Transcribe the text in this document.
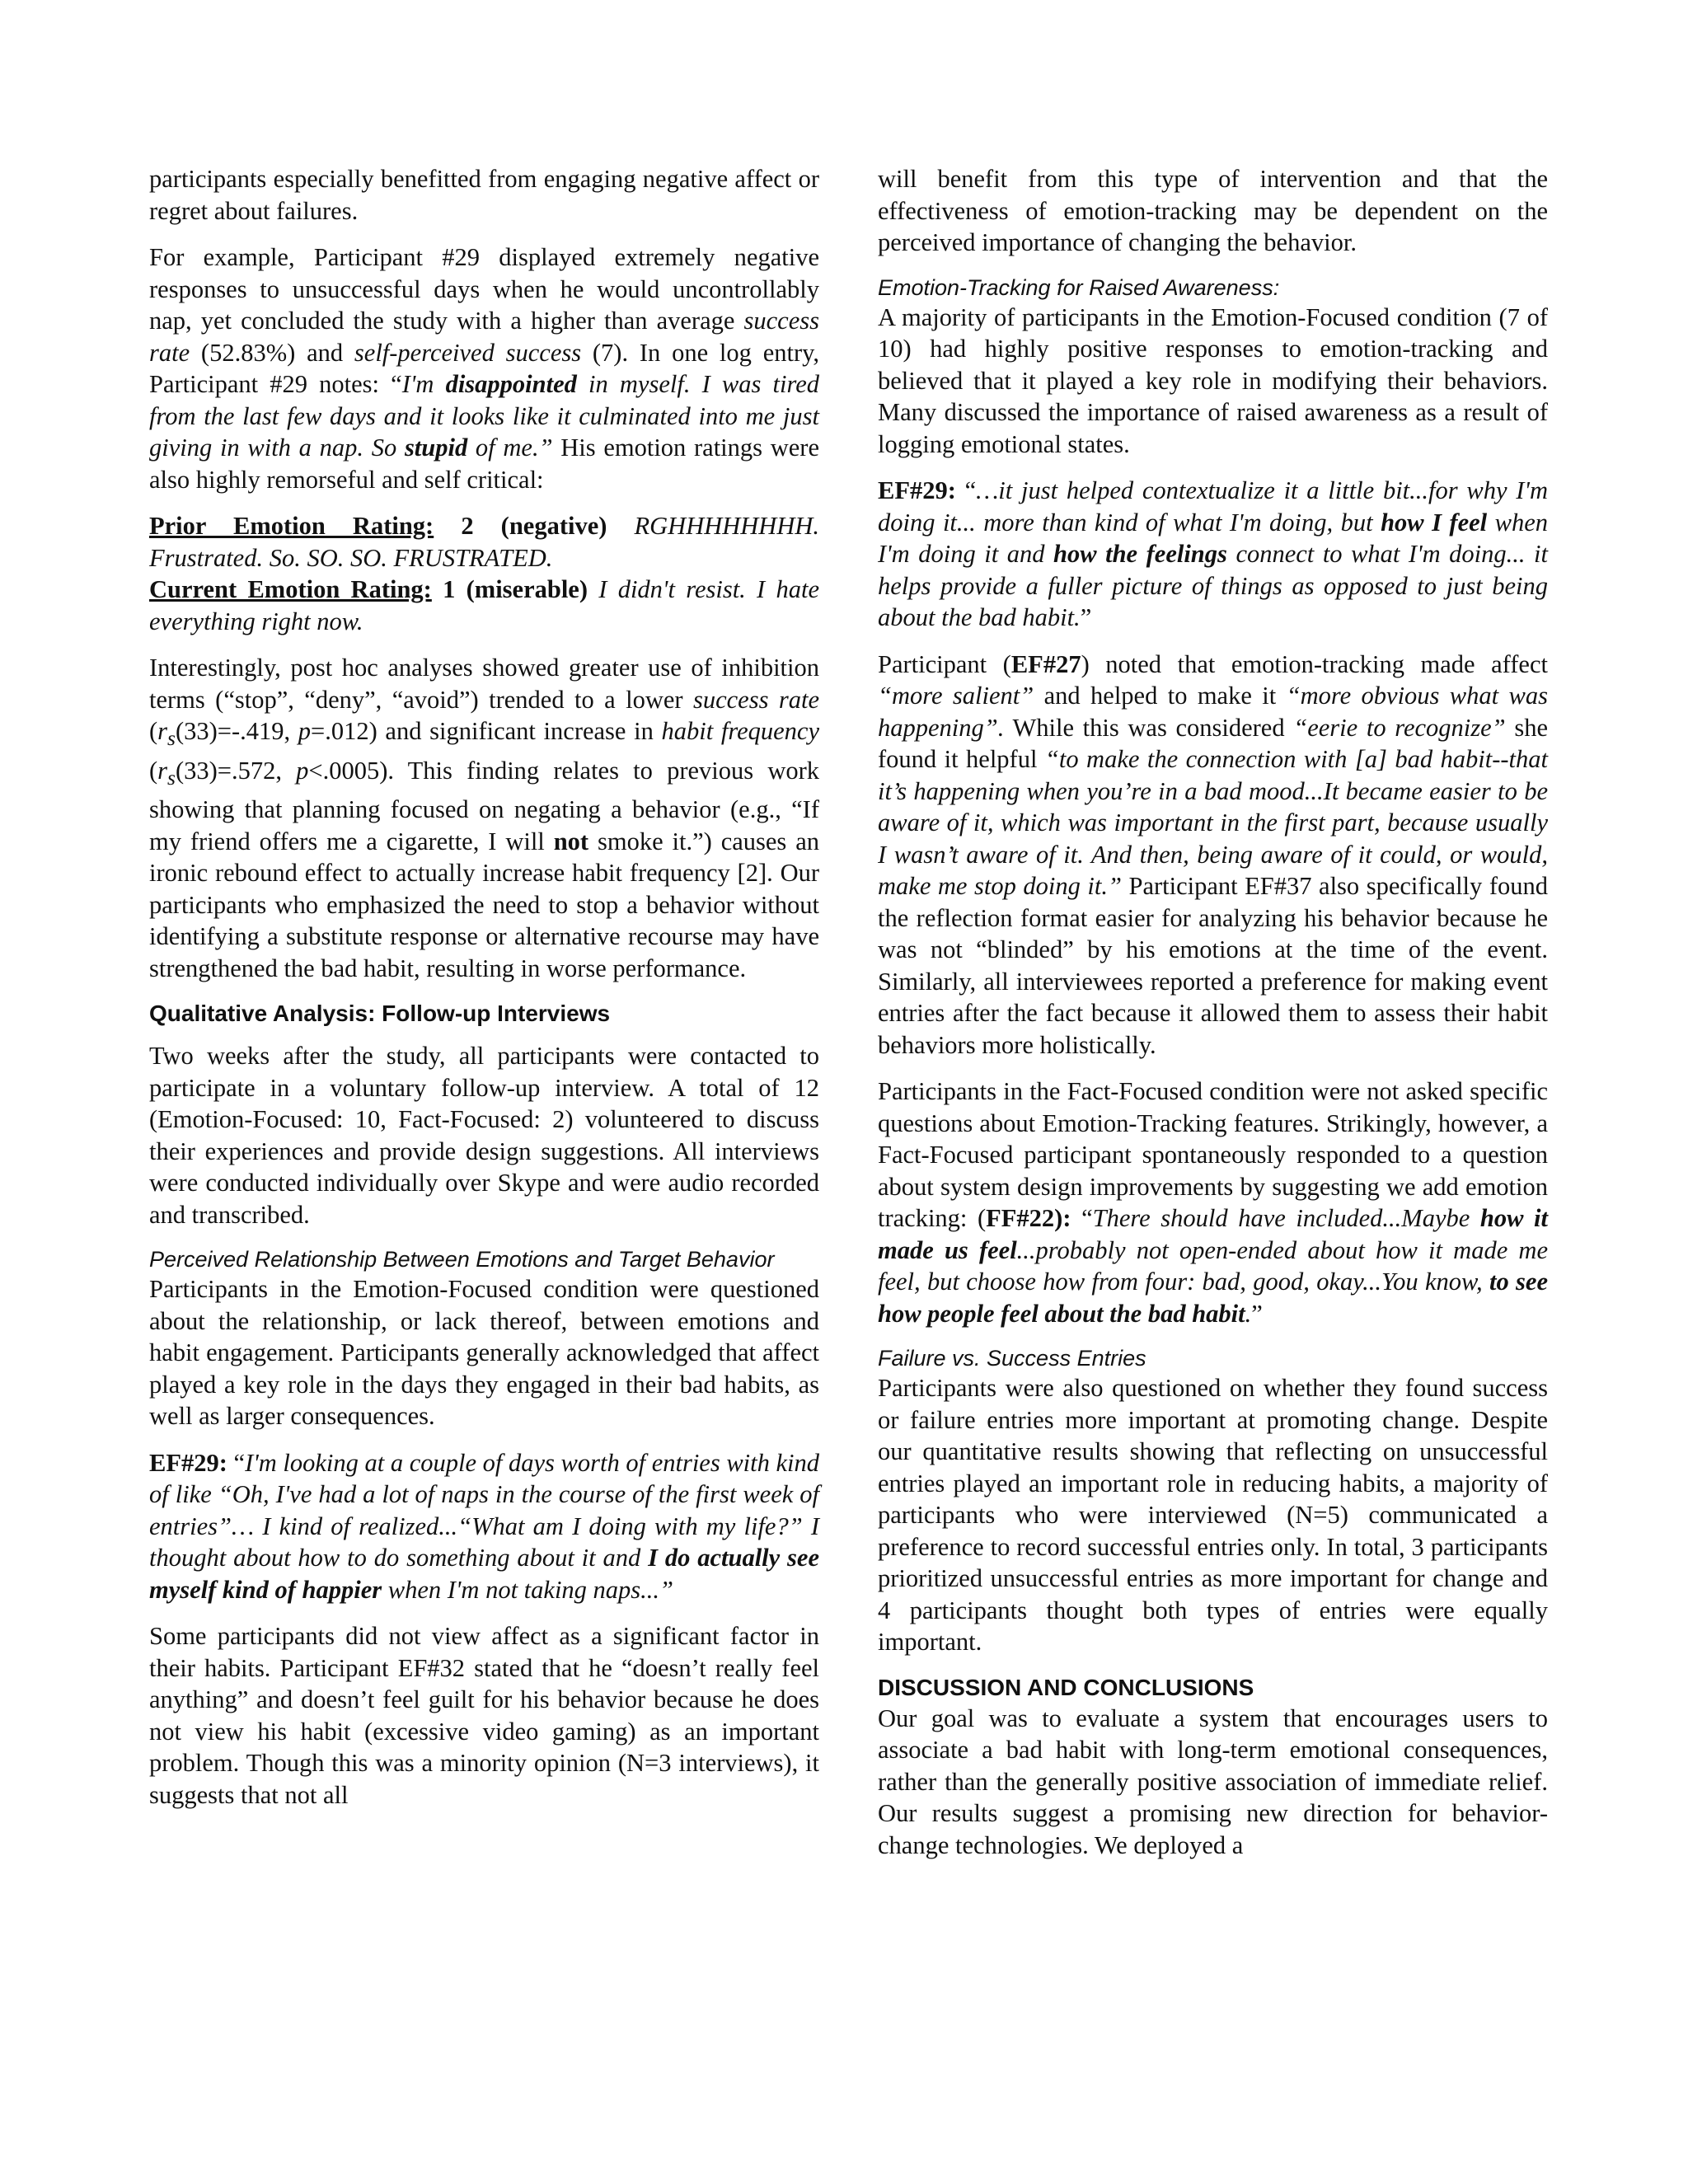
participants especially benefitted from engaging negative affect or regret about failures.

For example, Participant #29 displayed extremely negative responses to unsuccessful days when he would uncontrollably nap, yet concluded the study with a higher than average success rate (52.83%) and self-perceived success (7). In one log entry, Participant #29 notes: “I'm disappointed in myself. I was tired from the last few days and it looks like it culminated into me just giving in with a nap. So stupid of me.” His emotion ratings were also highly remorseful and self critical:

Prior Emotion Rating: 2 (negative) RGHHHHHHHH. Frustrated. So. SO. SO. FRUSTRATED.
Current Emotion Rating: 1 (miserable) I didn't resist. I hate everything right now.

Interestingly, post hoc analyses showed greater use of inhibition terms (“stop”, “deny”, “avoid”) trended to a lower success rate ($r_s(33)=-.419$, p=.012) and significant increase in habit frequency ($r_s(33)=.572$, p<.0005). This finding relates to previous work showing that planning focused on negating a behavior (e.g., “If my friend offers me a cigarette, I will not smoke it.”) causes an ironic rebound effect to actually increase habit frequency [2]. Our participants who emphasized the need to stop a behavior without identifying a substitute response or alternative recourse may have strengthened the bad habit, resulting in worse performance.

Qualitative Analysis: Follow-up Interviews

Two weeks after the study, all participants were contacted to participate in a voluntary follow-up interview. A total of 12 (Emotion-Focused: 10, Fact-Focused: 2) volunteered to discuss their experiences and provide design suggestions. All interviews were conducted individually over Skype and were audio recorded and transcribed.

Perceived Relationship Between Emotions and Target Behavior

Participants in the Emotion-Focused condition were questioned about the relationship, or lack thereof, between emotions and habit engagement. Participants generally acknowledged that affect played a key role in the days they engaged in their bad habits, as well as larger consequences.

EF#29: “I'm looking at a couple of days worth of entries with kind of like “Oh, I've had a lot of naps in the course of the first week of entries”… I kind of realized...“What am I doing with my life?” I thought about how to do something about it and I do actually see myself kind of happier when I'm not taking naps...”

Some participants did not view affect as a significant factor in their habits. Participant EF#32 stated that he “doesn’t really feel anything” and doesn’t feel guilt for his behavior because he does not view his habit (excessive video gaming) as an important problem. Though this was a minority opinion (N=3 interviews), it suggests that not all

will benefit from this type of intervention and that the effectiveness of emotion-tracking may be dependent on the perceived importance of changing the behavior.

Emotion-Tracking for Raised Awareness:

A majority of participants in the Emotion-Focused condition (7 of 10) had highly positive responses to emotion-tracking and believed that it played a key role in modifying their behaviors. Many discussed the importance of raised awareness as a result of logging emotional states.

EF#29: “…it just helped contextualize it a little bit...for why I'm doing it... more than kind of what I'm doing, but how I feel when I'm doing it and how the feelings connect to what I'm doing... it helps provide a fuller picture of things as opposed to just being about the bad habit.”

Participant (EF#27) noted that emotion-tracking made affect “more salient” and helped to make it “more obvious what was happening”. While this was considered “eerie to recognize” she found it helpful “to make the connection with [a] bad habit--that it’s happening when you’re in a bad mood...It became easier to be aware of it, which was important in the first part, because usually I wasn’t aware of it. And then, being aware of it could, or would, make me stop doing it.” Participant EF#37 also specifically found the reflection format easier for analyzing his behavior because he was not “blinded” by his emotions at the time of the event. Similarly, all interviewees reported a preference for making event entries after the fact because it allowed them to assess their habit behaviors more holistically.

Participants in the Fact-Focused condition were not asked specific questions about Emotion-Tracking features. Strikingly, however, a Fact-Focused participant spontaneously responded to a question about system design improvements by suggesting we add emotion tracking: (FF#22): “There should have included...Maybe how it made us feel...probably not open-ended about how it made me feel, but choose how from four: bad, good, okay...You know, to see how people feel about the bad habit.”

Failure vs. Success Entries

Participants were also questioned on whether they found success or failure entries more important at promoting change. Despite our quantitative results showing that reflecting on unsuccessful entries played an important role in reducing habits, a majority of participants who were interviewed (N=5) communicated a preference to record successful entries only. In total, 3 participants prioritized unsuccessful entries as more important for change and 4 participants thought both types of entries were equally important.

DISCUSSION AND CONCLUSIONS

Our goal was to evaluate a system that encourages users to associate a bad habit with long-term emotional consequences, rather than the generally positive association of immediate relief. Our results suggest a promising new direction for behavior-change technologies. We deployed a
